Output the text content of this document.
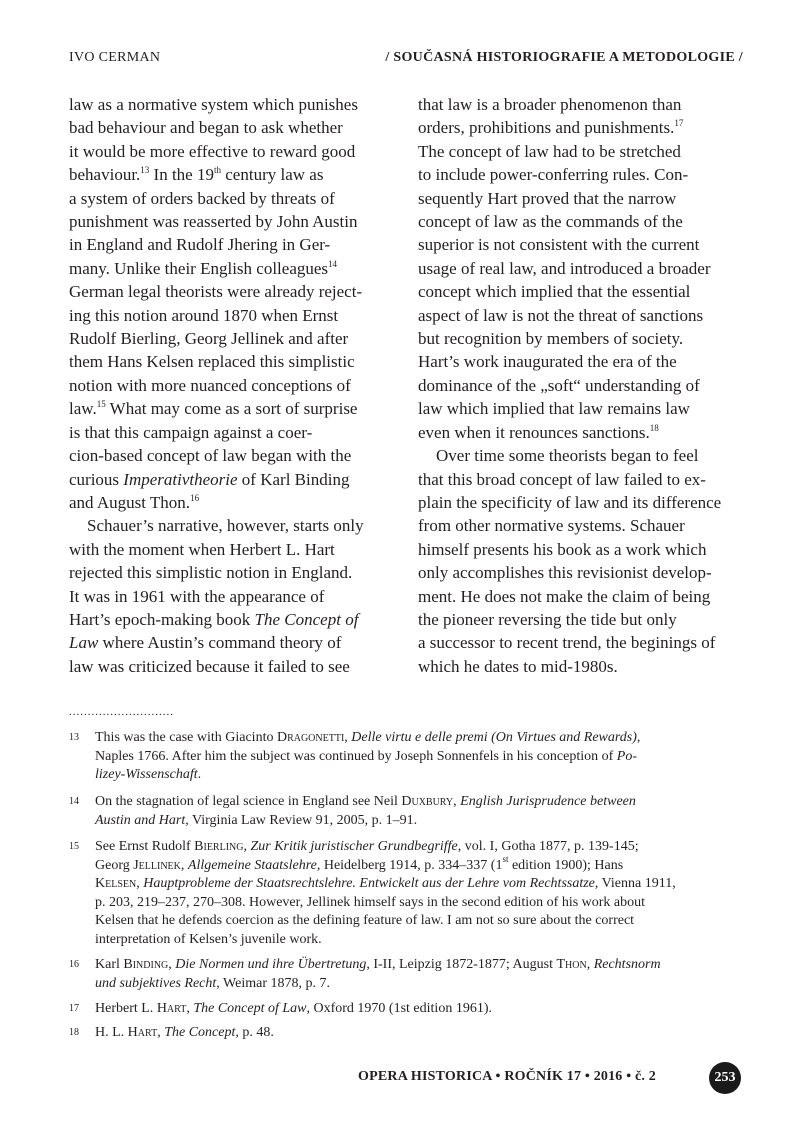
IVO CERMAN	/ SOUČASNÁ HISTORIOGRAFIE A METODOLOGIE /
law as a normative system which punishes
bad behaviour and began to ask whether
it would be more effective to reward good
behaviour.$^{13}$ In the 19th century law as
a system of orders backed by threats of
punishment was reasserted by John Austin
in England and Rudolf Jhering in Ger-
many. Unlike their English colleagues$^{14}$
German legal theorists were already reject-
ing this notion around 1870 when Ernst
Rudolf Bierling, Georg Jellinek and after
them Hans Kelsen replaced this simplistic
notion with more nuanced conceptions of
law.$^{15}$ What may come as a sort of surprise
is that this campaign against a coer-
cion-based concept of law began with the
curious Imperativtheorie of Karl Binding
and August Thon.$^{16}$
Schauer’s narrative, however, starts only
with the moment when Herbert L. Hart
rejected this simplistic notion in England.
It was in 1961 with the appearance of
Hart’s epoch-making book The Concept of
Law where Austin’s command theory of
law was criticized because it failed to see
that law is a broader phenomenon than
orders, prohibitions and punishments.$^{17}$
The concept of law had to be stretched
to include power-conferring rules. Con-
sequently Hart proved that the narrow
concept of law as the commands of the
superior is not consistent with the current
usage of real law, and introduced a broader
concept which implied that the essential
aspect of law is not the threat of sanctions
but recognition by members of society.
Hart’s work inaugurated the era of the
dominance of the „soft“ understanding of
law which implied that law remains law
even when it renounces sanctions.$^{18}$
Over time some theorists began to feel
that this broad concept of law failed to ex-
plain the specificity of law and its difference
from other normative systems. Schauer
himself presents his book as a work which
only accomplishes this revisionist develop-
ment. He does not make the claim of being
the pioneer reversing the tide but only
a successor to recent trend, the beginings of
which he dates to mid-1980s.
............................
13 This was the case with Giacinto Dragonetti, Delle virtu e delle premi (On Virtues and Rewards),
Naples 1766. After him the subject was continued by Joseph Sonnenfels in his conception of Po-
lizey-Wissenschaft.
14 On the stagnation of legal science in England see Neil Duxbury, English Jurisprudence between
Austin and Hart, Virginia Law Review 91, 2005, p. 1–91.
15 See Ernst Rudolf Bierling, Zur Kritik juristischer Grundbegriffe, vol. I, Gotha 1877, p. 139-145;
Georg Jellinek, Allgemeine Staatslehre, Heidelberg 1914, p. 334–337 (1st edition 1900); Hans
Kelsen, Hauptprobleme der Staatsrechtslehre. Entwickelt aus der Lehre vom Rechtssatze, Vienna 1911,
p. 203, 219–237, 270–308. However, Jellinek himself says in the second edition of his work about
Kelsen that he defends coercion as the defining feature of law. I am not so sure about the correct
interpretation of Kelsen’s juvenile work.
16 Karl Binding, Die Normen und ihre Übertretung, I-II, Leipzig 1872-1877; August Thon, Rechtsnorm
und subjektives Recht, Weimar 1878, p. 7.
17 Herbert L. Hart, The Concept of Law, Oxford 1970 (1st edition 1961).
18 H. L. Hart, The Concept, p. 48.
OPERA HISTORICA • ROČNÍK 17 • 2016 • č. 2	253
